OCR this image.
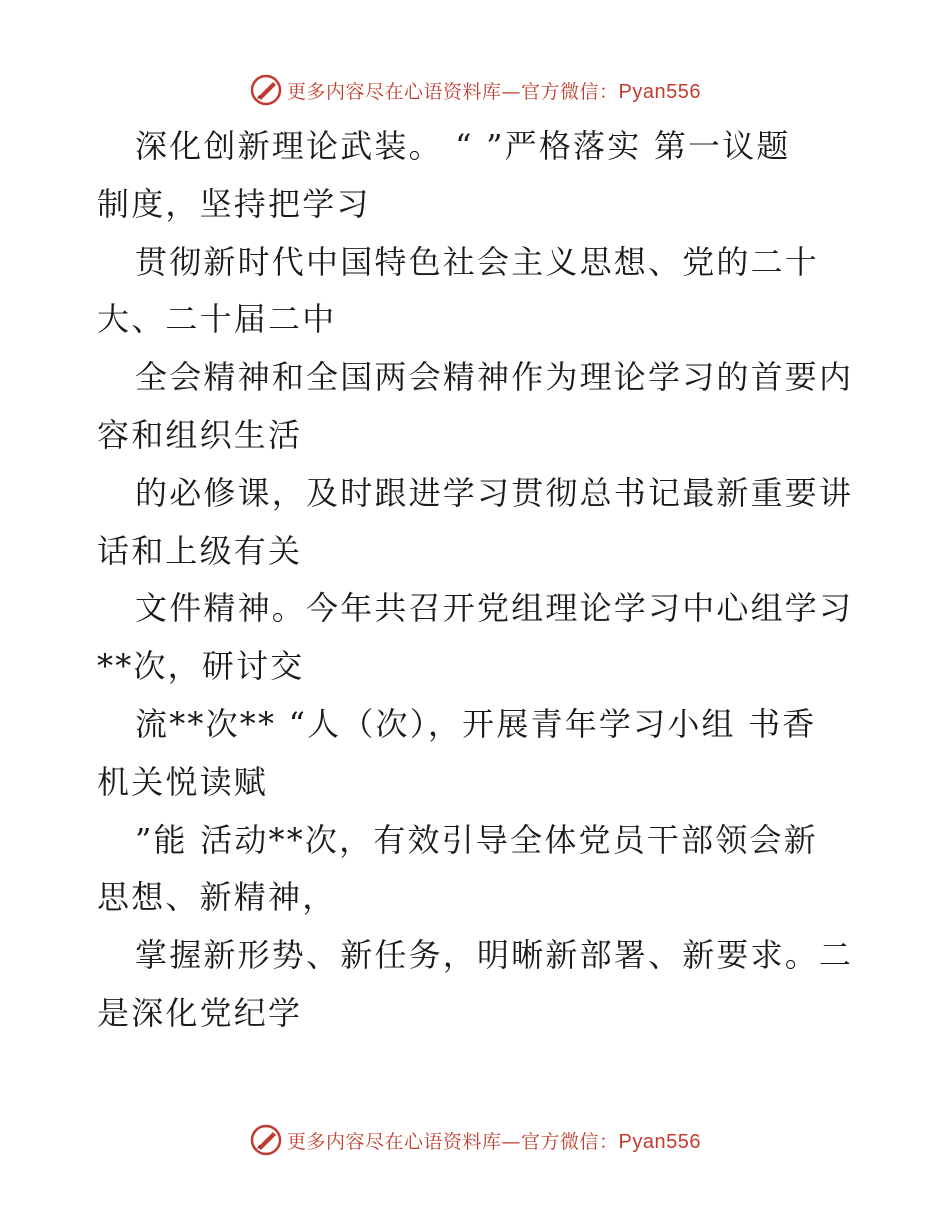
更多内容尽在心语资料库—官方微信：Pyan556
深化创新理论武装。 “ ”严格落实 第一议题
制度，坚持把学习
贯彻新时代中国特色社会主义思想、党的二十
大、二十届二中
全会精神和全国两会精神作为理论学习的首要内
容和组织生活
的必修课，及时跟进学习贯彻总书记最新重要讲
话和上级有关
文件精神。今年共召开党组理论学习中心组学习
**次，研讨交
流**次** “人（次），开展青年学习小组 书香
机关悦读赋
”能 活动**次，有效引导全体党员干部领会新
思想、新精神，
掌握新形势、新任务，明晰新部署、新要求。二
是深化党纪学
更多内容尽在心语资料库—官方微信：Pyan556
